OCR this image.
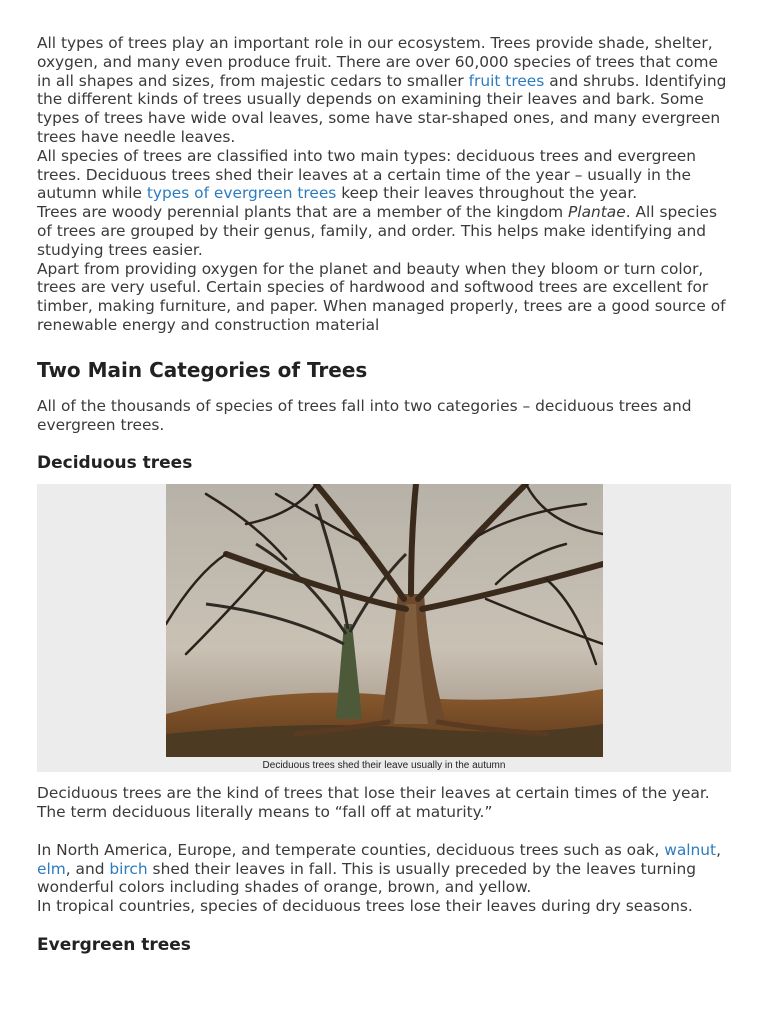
All types of trees play an important role in our ecosystem. Trees provide shade, shelter, oxygen, and many even produce fruit. There are over 60,000 species of trees that come in all shapes and sizes, from majestic cedars to smaller fruit trees and shrubs. Identifying the different kinds of trees usually depends on examining their leaves and bark. Some types of trees have wide oval leaves, some have star-shaped ones, and many evergreen trees have needle leaves.

All species of trees are classified into two main types: deciduous trees and evergreen trees. Deciduous trees shed their leaves at a certain time of the year – usually in the autumn while types of evergreen trees keep their leaves throughout the year.

Trees are woody perennial plants that are a member of the kingdom Plantae. All species of trees are grouped by their genus, family, and order. This helps make identifying and studying trees easier.

Apart from providing oxygen for the planet and beauty when they bloom or turn color, trees are very useful. Certain species of hardwood and softwood trees are excellent for timber, making furniture, and paper. When managed properly, trees are a good source of renewable energy and construction material

Two Main Categories of Trees

All of the thousands of species of trees fall into two categories – deciduous trees and evergreen trees.

Deciduous trees
Deciduous trees shed their leave usually in the autumn

Deciduous trees are the kind of trees that lose their leaves at certain times of the year. The term deciduous literally means to “fall off at maturity.”

In North America, Europe, and temperate counties, deciduous trees such as oak, walnut, elm, and birch shed their leaves in fall. This is usually preceded by the leaves turning wonderful colors including shades of orange, brown, and yellow.

In tropical countries, species of deciduous trees lose their leaves during dry seasons.

Evergreen trees
